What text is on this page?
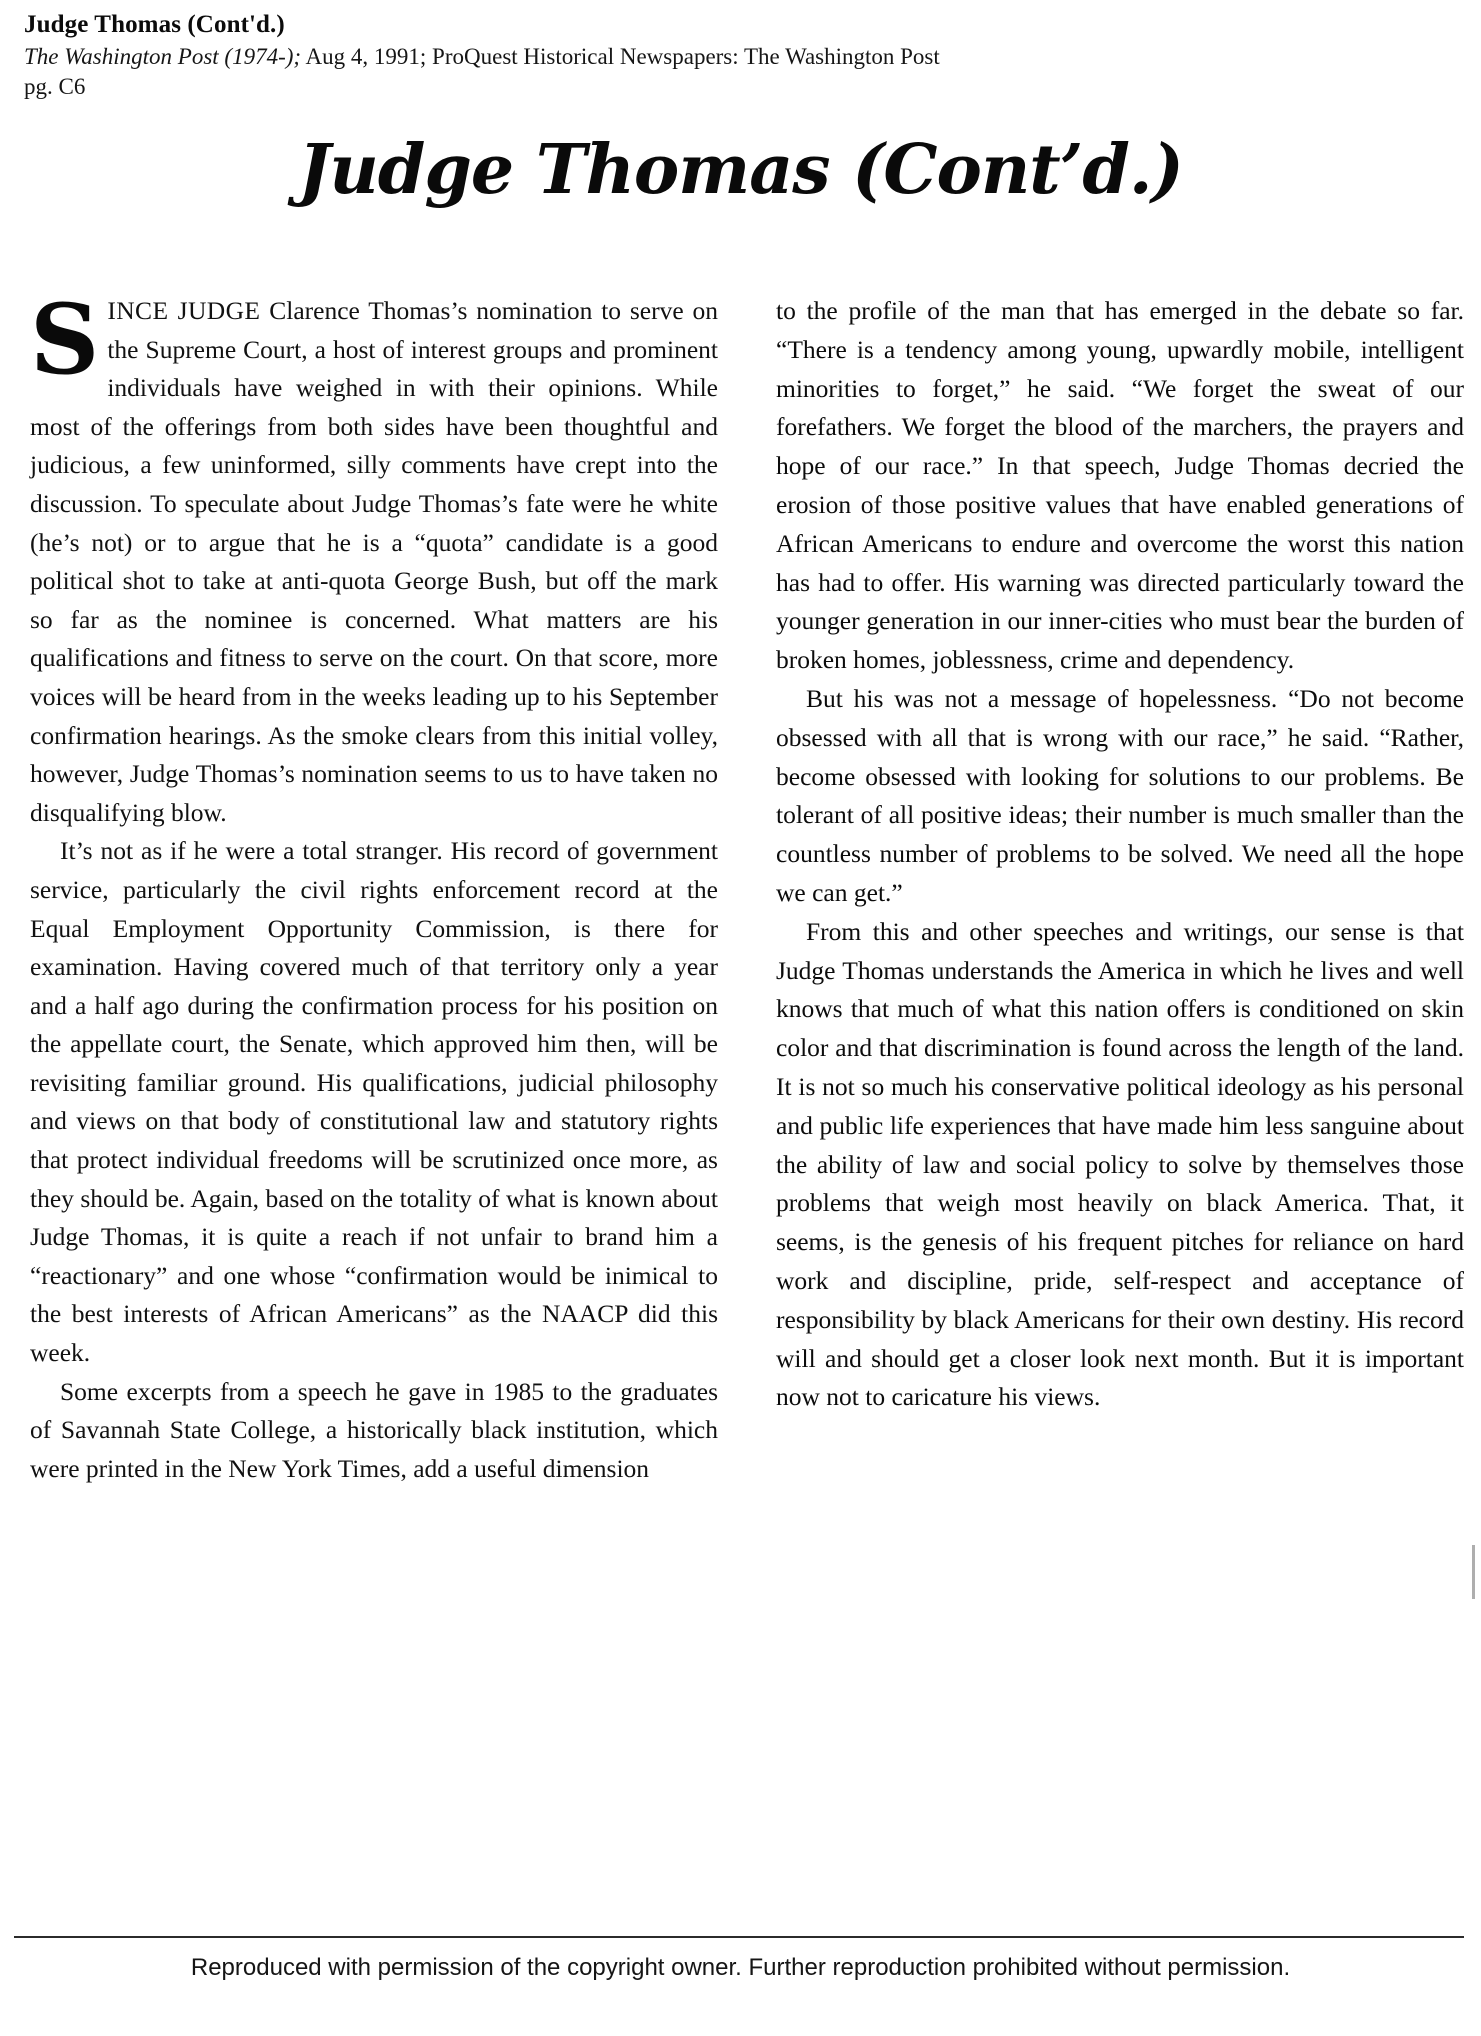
Judge Thomas (Cont'd.)
The Washington Post (1974-); Aug 4, 1991; ProQuest Historical Newspapers: The Washington Post
pg. C6
Judge Thomas (Cont’d.)

SINCE JUDGE Clarence Thomas’s nomination to serve on the Supreme Court, a host of interest groups and prominent individuals have weighed in with their opinions. While most of the offerings from both sides have been thoughtful and judicious, a few uninformed, silly comments have crept into the discussion. To speculate about Judge Thomas’s fate were he white (he’s not) or to argue that he is a “quota” candidate is a good political shot to take at anti-quota George Bush, but off the mark so far as the nominee is concerned. What matters are his qualifications and fitness to serve on the court. On that score, more voices will be heard from in the weeks leading up to his September confirmation hearings. As the smoke clears from this initial volley, however, Judge Thomas’s nomination seems to us to have taken no disqualifying blow.

It’s not as if he were a total stranger. His record of government service, particularly the civil rights enforcement record at the Equal Employment Opportunity Commission, is there for examination. Having covered much of that territory only a year and a half ago during the confirmation process for his position on the appellate court, the Senate, which approved him then, will be revisiting familiar ground. His qualifications, judicial philosophy and views on that body of constitutional law and statutory rights that protect individual freedoms will be scrutinized once more, as they should be. Again, based on the totality of what is known about Judge Thomas, it is quite a reach if not unfair to brand him a “reactionary” and one whose “confirmation would be inimical to the best interests of African Americans” as the NAACP did this week.

Some excerpts from a speech he gave in 1985 to the graduates of Savannah State College, a historically black institution, which were printed in the New York Times, add a useful dimension

to the profile of the man that has emerged in the debate so far. “There is a tendency among young, upwardly mobile, intelligent minorities to forget,” he said. “We forget the sweat of our forefathers. We forget the blood of the marchers, the prayers and hope of our race.” In that speech, Judge Thomas decried the erosion of those positive values that have enabled generations of African Americans to endure and overcome the worst this nation has had to offer. His warning was directed particularly toward the younger generation in our inner-cities who must bear the burden of broken homes, joblessness, crime and dependency.

But his was not a message of hopelessness. “Do not become obsessed with all that is wrong with our race,” he said. “Rather, become obsessed with looking for solutions to our problems. Be tolerant of all positive ideas; their number is much smaller than the countless number of problems to be solved. We need all the hope we can get.”

From this and other speeches and writings, our sense is that Judge Thomas understands the America in which he lives and well knows that much of what this nation offers is conditioned on skin color and that discrimination is found across the length of the land. It is not so much his conservative political ideology as his personal and public life experiences that have made him less sanguine about the ability of law and social policy to solve by themselves those problems that weigh most heavily on black America. That, it seems, is the genesis of his frequent pitches for reliance on hard work and discipline, pride, self-respect and acceptance of responsibility by black Americans for their own destiny. His record will and should get a closer look next month. But it is important now not to caricature his views.

Reproduced with permission of the copyright owner. Further reproduction prohibited without permission.
